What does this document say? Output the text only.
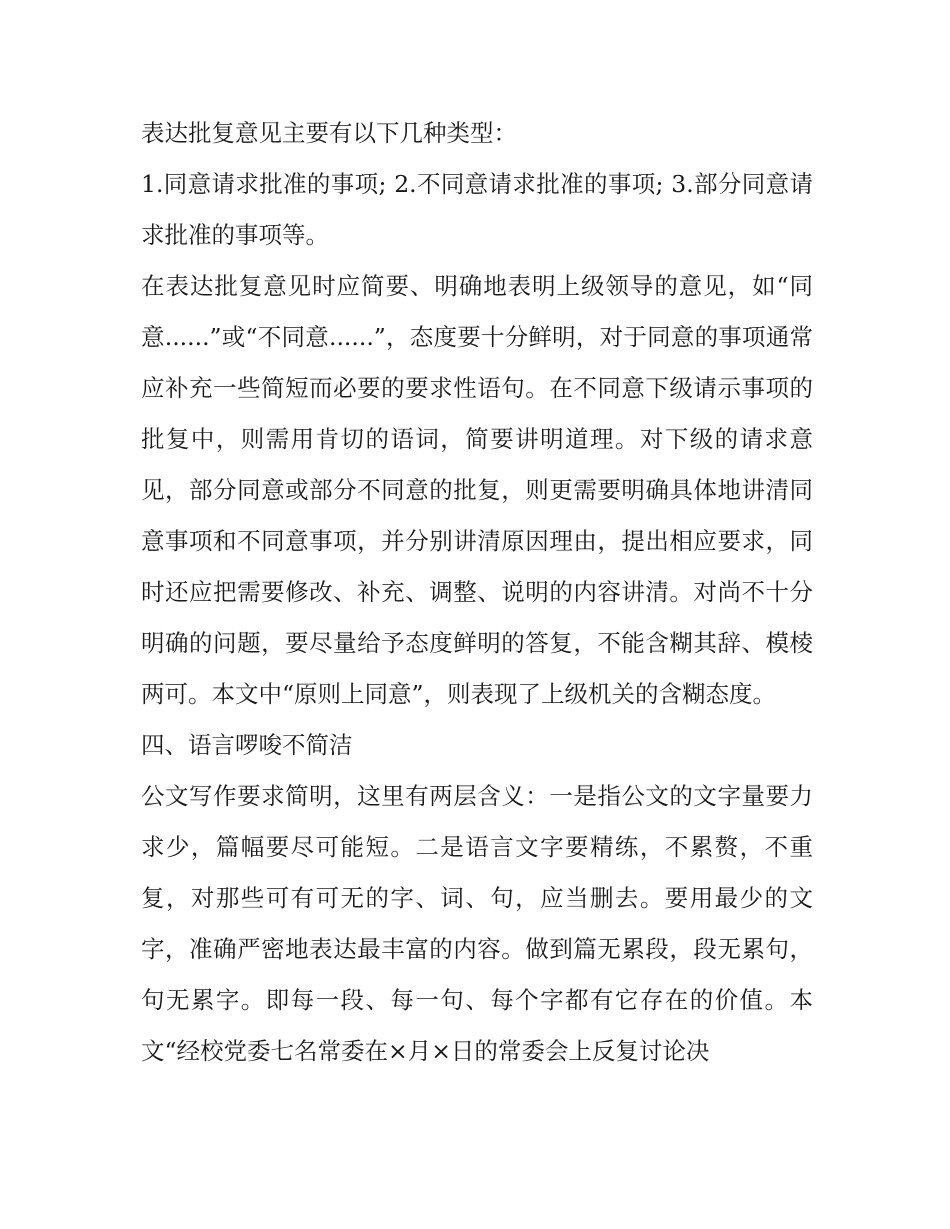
表达批复意见主要有以下几种类型：

1.同意请求批准的事项; 2.不同意请求批准的事项; 3.部分同意请求批准的事项等。

在表达批复意见时应简要、明确地表明上级领导的意见，如“同意......”或“不同意......”，态度要十分鲜明，对于同意的事项通常应补充一些简短而必要的要求性语句。在不同意下级请示事项的批复中，则需用肯切的语词，简要讲明道理。对下级的请求意见，部分同意或部分不同意的批复，则更需要明确具体地讲清同意事项和不同意事项，并分别讲清原因理由，提出相应要求，同时还应把需要修改、补充、调整、说明的内容讲清。对尚不十分明确的问题，要尽量给予态度鲜明的答复，不能含糊其辞、模棱两可。本文中“原则上同意”，则表现了上级机关的含糊态度。

四、语言啰唆不简洁

公文写作要求简明，这里有两层含义：一是指公文的文字量要力求少，篇幅要尽可能短。二是语言文字要精练，不累赘，不重复，对那些可有可无的字、词、句，应当删去。要用最少的文字，准确严密地表达最丰富的内容。做到篇无累段，段无累句，句无累字。即每一段、每一句、每个字都有它存在的价值。本文“经校党委七名常委在×月×日的常委会上反复讨论决
